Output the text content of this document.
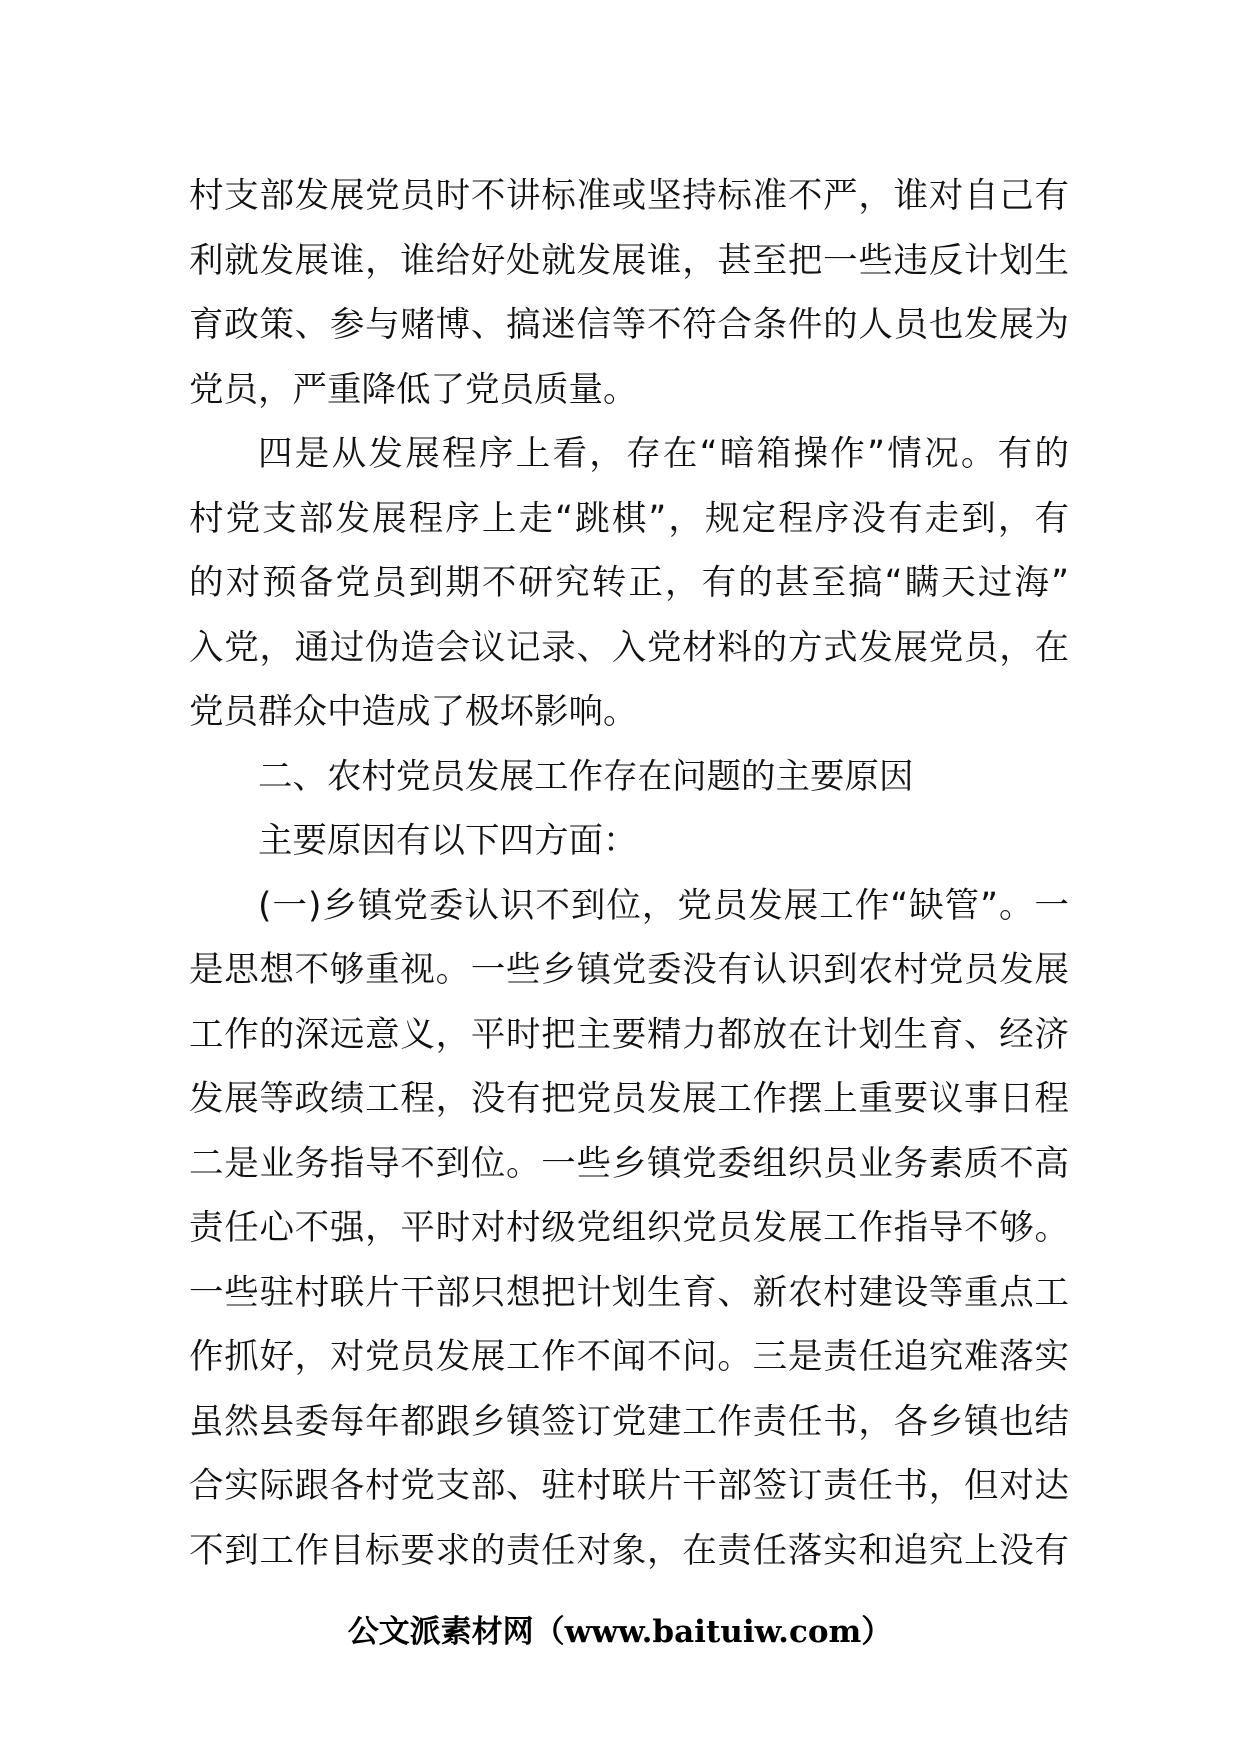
村支部发展党员时不讲标准或坚持标准不严，谁对自己有
利就发展谁，谁给好处就发展谁，甚至把一些违反计划生
育政策、参与赌博、搞迷信等不符合条件的人员也发展为
党员，严重降低了党员质量。
四是从发展程序上看，存在“暗箱操作”情况。有的
村党支部发展程序上走“跳棋”，规定程序没有走到，有
的对预备党员到期不研究转正，有的甚至搞“瞒天过海”
入党，通过伪造会议记录、入党材料的方式发展党员，在
党员群众中造成了极坏影响。
二、农村党员发展工作存在问题的主要原因
主要原因有以下四方面：
(一)乡镇党委认识不到位，党员发展工作“缺管”。一
是思想不够重视。一些乡镇党委没有认识到农村党员发展
工作的深远意义，平时把主要精力都放在计划生育、经济
发展等政绩工程，没有把党员发展工作摆上重要议事日程
二是业务指导不到位。一些乡镇党委组织员业务素质不高
责任心不强，平时对村级党组织党员发展工作指导不够。
一些驻村联片干部只想把计划生育、新农村建设等重点工
作抓好，对党员发展工作不闻不问。三是责任追究难落实
虽然县委每年都跟乡镇签订党建工作责任书，各乡镇也结
合实际跟各村党支部、驻村联片干部签订责任书，但对达
不到工作目标要求的责任对象，在责任落实和追究上没有
公文派素材网（www.baituiw.com）
